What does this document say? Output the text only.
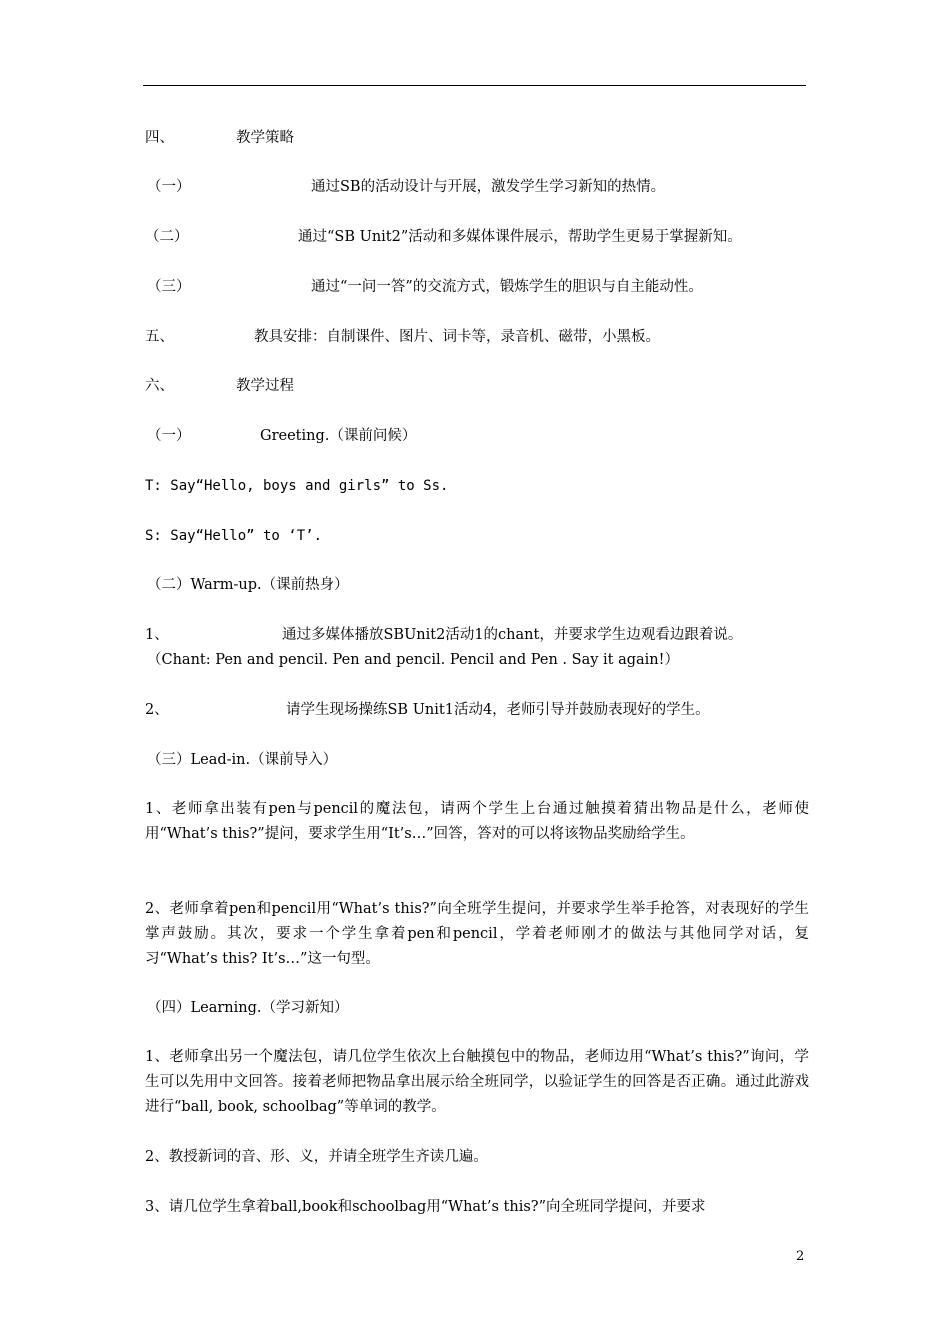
四、	教学策略
（一）	通过SB的活动设计与开展，激发学生学习新知的热情。
（二）	通过“SB Unit2”活动和多媒体课件展示，帮助学生更易于掌握新知。
（三）	通过“一问一答”的交流方式，锻炼学生的胆识与自主能动性。
五、	教具安排：自制课件、图片、词卡等，录音机、磁带，小黑板。
六、	教学过程
（一）	Greeting.（课前问候）
T: Say“Hello, boys and girls” to Ss.
S: Say“Hello” to ‘T’.
（二）Warm-up.（课前热身）
1、	通过多媒体播放SBUnit2活动1的chant，并要求学生边观看边跟着说。
（Chant: Pen and pencil. Pen and pencil. Pencil and Pen . Say it again!）
2、	请学生现场操练SB Unit1活动4，老师引导并鼓励表现好的学生。
（三）Lead-in.（课前导入）
1、老师拿出装有pen与pencil的魔法包，请两个学生上台通过触摸着猜出物品是什么，老师使用“What’s this?”提问，要求学生用“It’s…”回答，答对的可以将该物品奖励给学生。
2、老师拿着pen和pencil用“What’s this?”向全班学生提问，并要求学生举手抢答，对表现好的学生掌声鼓励。其次，要求一个学生拿着pen和pencil，学着老师刚才的做法与其他同学对话，复习“What’s this? It’s…”这一句型。
（四）Learning.（学习新知）
1、老师拿出另一个魔法包，请几位学生依次上台触摸包中的物品，老师边用“What’s this?”询问，学生可以先用中文回答。接着老师把物品拿出展示给全班同学，以验证学生的回答是否正确。通过此游戏进行“ball, book, schoolbag”等单词的教学。
2、教授新词的音、形、义，并请全班学生齐读几遍。
3、请几位学生拿着ball,book和schoolbag用“What’s this?”向全班同学提问，并要求
2
